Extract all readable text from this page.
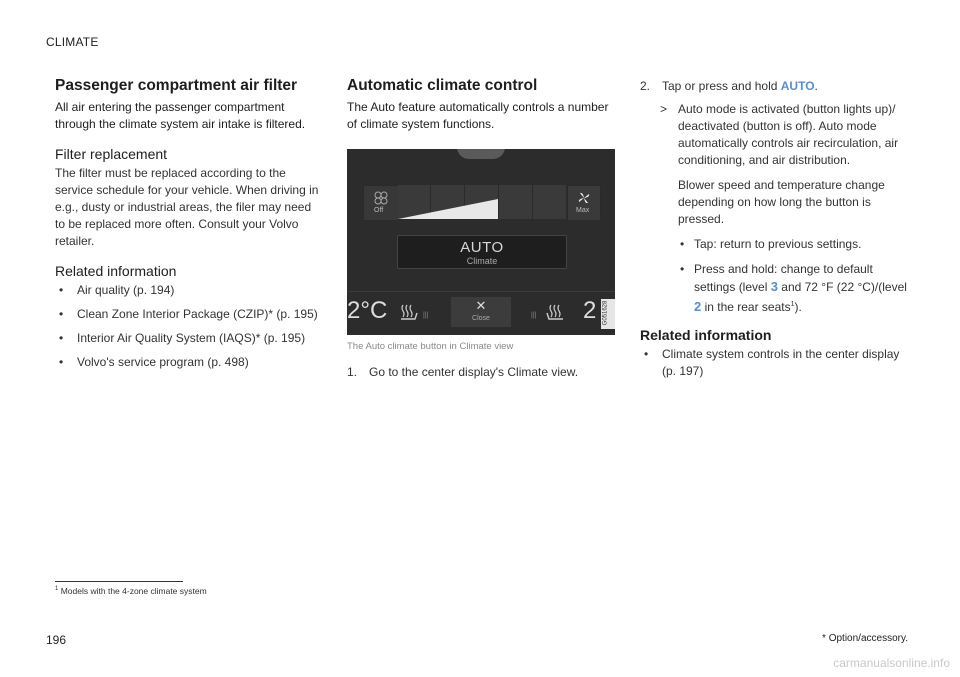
CLIMATE
Passenger compartment air filter

All air entering the passenger compartment through the climate system air intake is filtered.

Filter replacement

The filter must be replaced according to the service schedule for your vehicle. When driving in e.g., dusty or industrial areas, the filer may need to be replaced more often. Consult your Volvo retailer.

Related information
• Air quality (p. 194)
• Clean Zone Interior Package (CZIP)* (p. 195)
• Interior Air Quality System (IAQS)* (p. 195)
• Volvo's service program (p. 498)
Automatic climate control

The Auto feature automatically controls a number of climate system functions.

Off	Max
AUTO
Climate
2°C	|||
✕
Close	||| 2 G051628
The Auto climate button in Climate view
1. Go to the center display's Climate view.
2. Tap or press and hold AUTO.
> Auto mode is activated (button lights up)/ deactivated (button is off). Auto mode automatically controls air recirculation, air conditioning, and air distribution.
Blower speed and temperature change depending on how long the button is pressed.
• Tap: return to previous settings.
• Press and hold: change to default settings (level 3 and 72 °F (22 °C)/(level 2 in the rear seats$^1$).
Related information
• Climate system controls in the center display (p. 197)
$^1$ Models with the 4-zone climate system
196	* Option/accessory.
carmanualsonline.info
